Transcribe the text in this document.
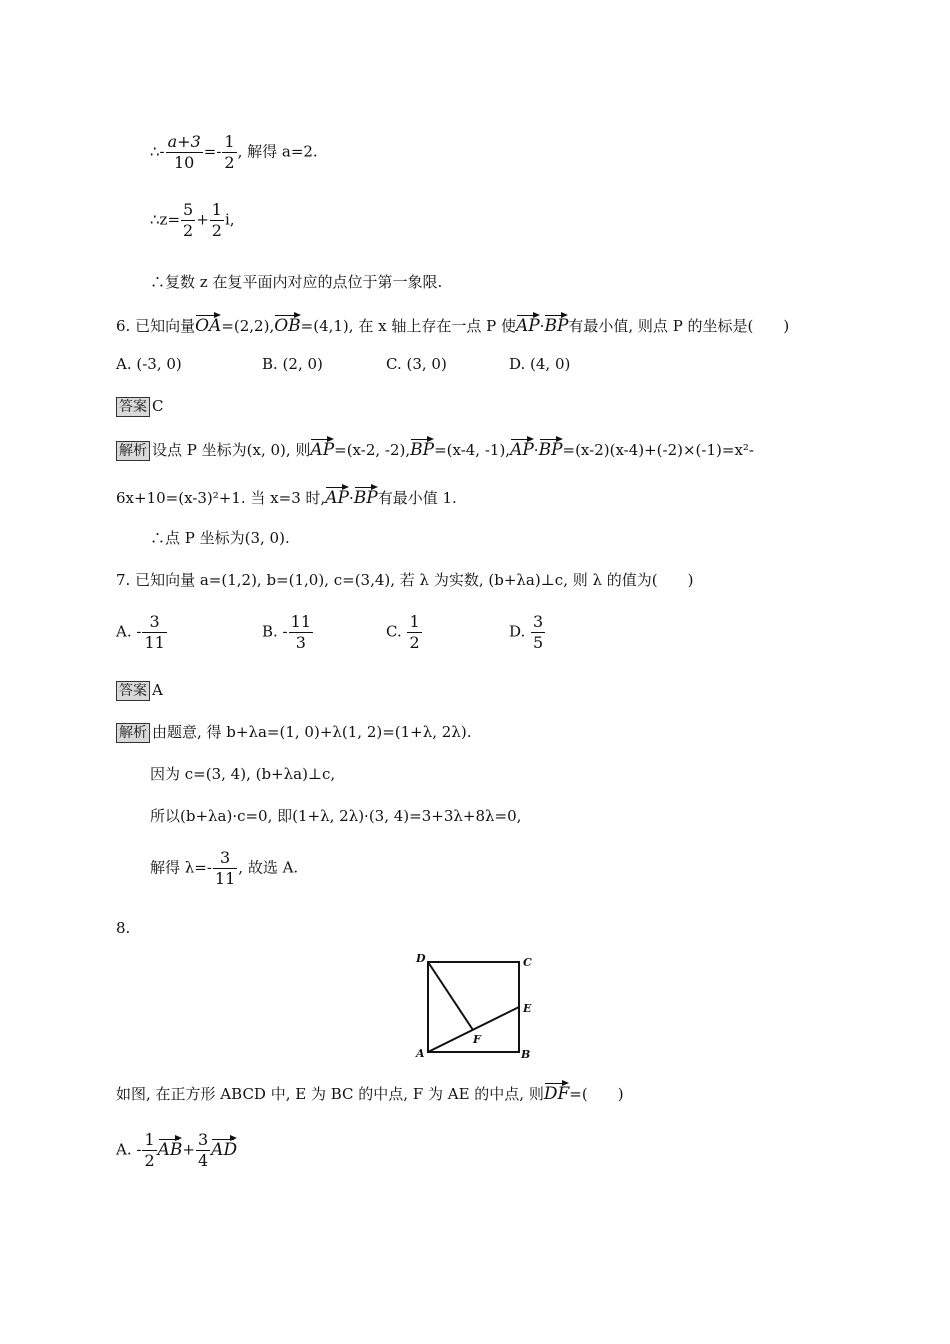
∴- $\frac{a+3}{10} =- \frac{1}{2}$ , 解得 a=2.
∴z= $\frac{5}{2} + \frac{1}{2} i$,
∴复数 z 在复平面内对应的点位于第一象限.
6. 已知向量OA=(2,2),OB=(4,1), 在 x 轴上存在一点 P 使AP·BP有最小值, 则点 P 的坐标是(　　)
A. (-3, 0)	B. (2, 0)	C. (3, 0)	D. (4, 0)
答案 C
解析 设点 P 坐标为(x, 0), 则AP=(x-2, -2),BP=(x-4, -1),AP·BP=(x-2)(x-4)+(-2)×(-1)=x²-
6x+10=(x-3)²+1. 当 x=3 时,AP·BP有最小值 1.
∴点 P 坐标为(3, 0).
7. 已知向量 a=(1,2), b=(1,0), c=(3,4), 若 λ 为实数, (b+λa)⊥c, 则 λ 的值为(　　)
A. - $\frac{3}{11}$	B. - $\frac{11}{3}$	C. $\frac{1}{2}$	D. $\frac{3}{5}$
答案 A
解析 由题意, 得 b+λa=(1, 0)+λ(1, 2)=(1+λ, 2λ).
因为 c=(3, 4), (b+λa)⊥c,
所以(b+λa)·c=0, 即(1+λ, 2λ)·(3, 4)=3+3λ+8λ=0,
解得 $\lambda=- \frac{3}{11}$ , 故选 A.
8.
D	C
E
F
A	B
如图, 在正方形 ABCD 中, E 为 BC 的中点, F 为 AE 的中点, 则DF=(　　)
A. - $\frac{1}{2} AB+ \frac{3}{4}$ AD
